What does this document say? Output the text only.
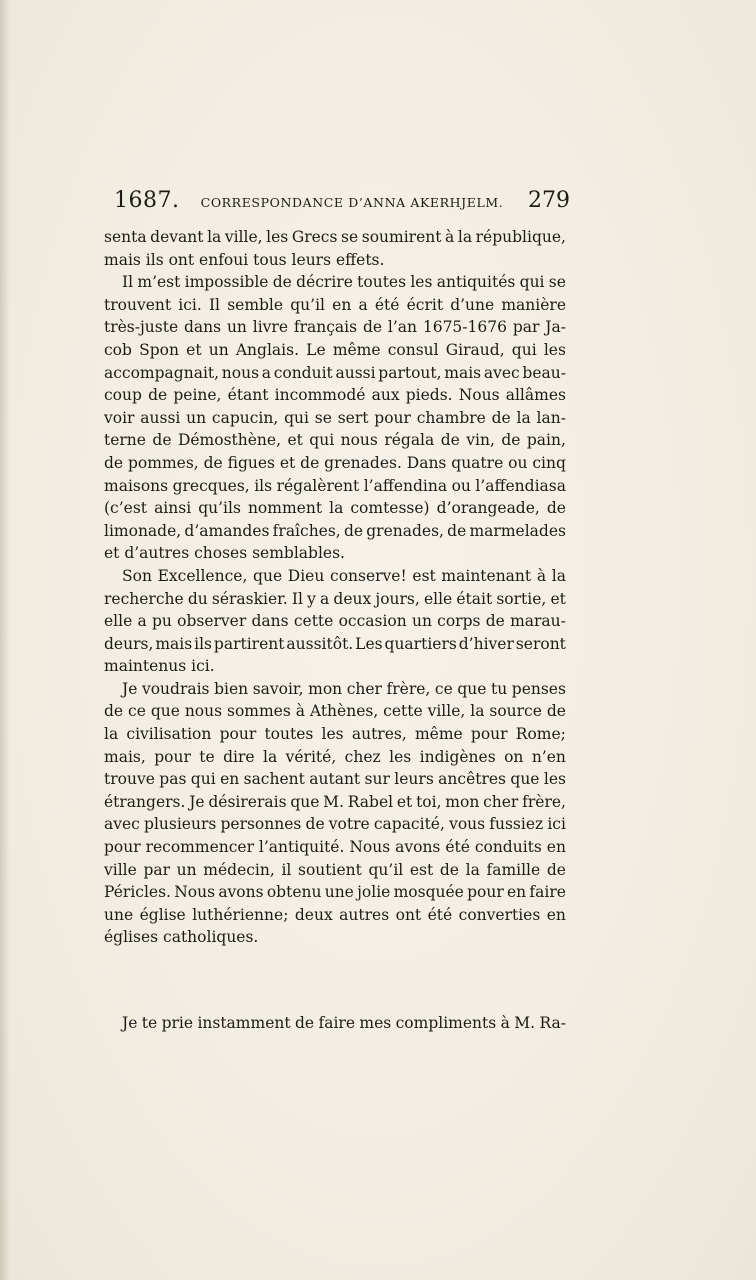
1687.	CORRESPONDANCE D’ANNA AKERHJELM.	279
senta devant la ville, les Grecs se soumirent à la république,
mais ils ont enfoui tous leurs effets.
Il m’est impossible de décrire toutes les antiquités qui se
trouvent ici. Il semble qu’il en a été écrit d’une manière
très-juste dans un livre français de l’an 1675-1676 par Ja-
cob Spon et un Anglais. Le même consul Giraud, qui les
accompagnait, nous a conduit aussi partout, mais avec beau-
coup de peine, étant incommodé aux pieds. Nous allâmes
voir aussi un capucin, qui se sert pour chambre de la lan-
terne de Démosthène, et qui nous régala de vin, de pain,
de pommes, de figues et de grenades. Dans quatre ou cinq
maisons grecques, ils régalèrent l’affendina ou l’affendiasa
(c’est ainsi qu’ils nomment la comtesse) d’orangeade, de
limonade, d’amandes fraîches, de grenades, de marmelades
et d’autres choses semblables.
Son Excellence, que Dieu conserve! est maintenant à la
recherche du séraskier. Il y a deux jours, elle était sortie, et
elle a pu observer dans cette occasion un corps de marau-
deurs, mais ils partirent aussitôt. Les quartiers d’hiver seront
maintenus ici.
Je voudrais bien savoir, mon cher frère, ce que tu penses
de ce que nous sommes à Athènes, cette ville, la source de
la civilisation pour toutes les autres, même pour Rome;
mais, pour te dire la vérité, chez les indigènes on n’en
trouve pas qui en sachent autant sur leurs ancêtres que les
étrangers. Je désirerais que M. Rabel et toi, mon cher frère,
avec plusieurs personnes de votre capacité, vous fussiez ici
pour recommencer l’antiquité. Nous avons été conduits en
ville par un médecin, il soutient qu’il est de la famille de
Péricles. Nous avons obtenu une jolie mosquée pour en faire
une église luthérienne; deux autres ont été converties en
églises catholiques.
Je te prie instamment de faire mes compliments à M. Ra-
